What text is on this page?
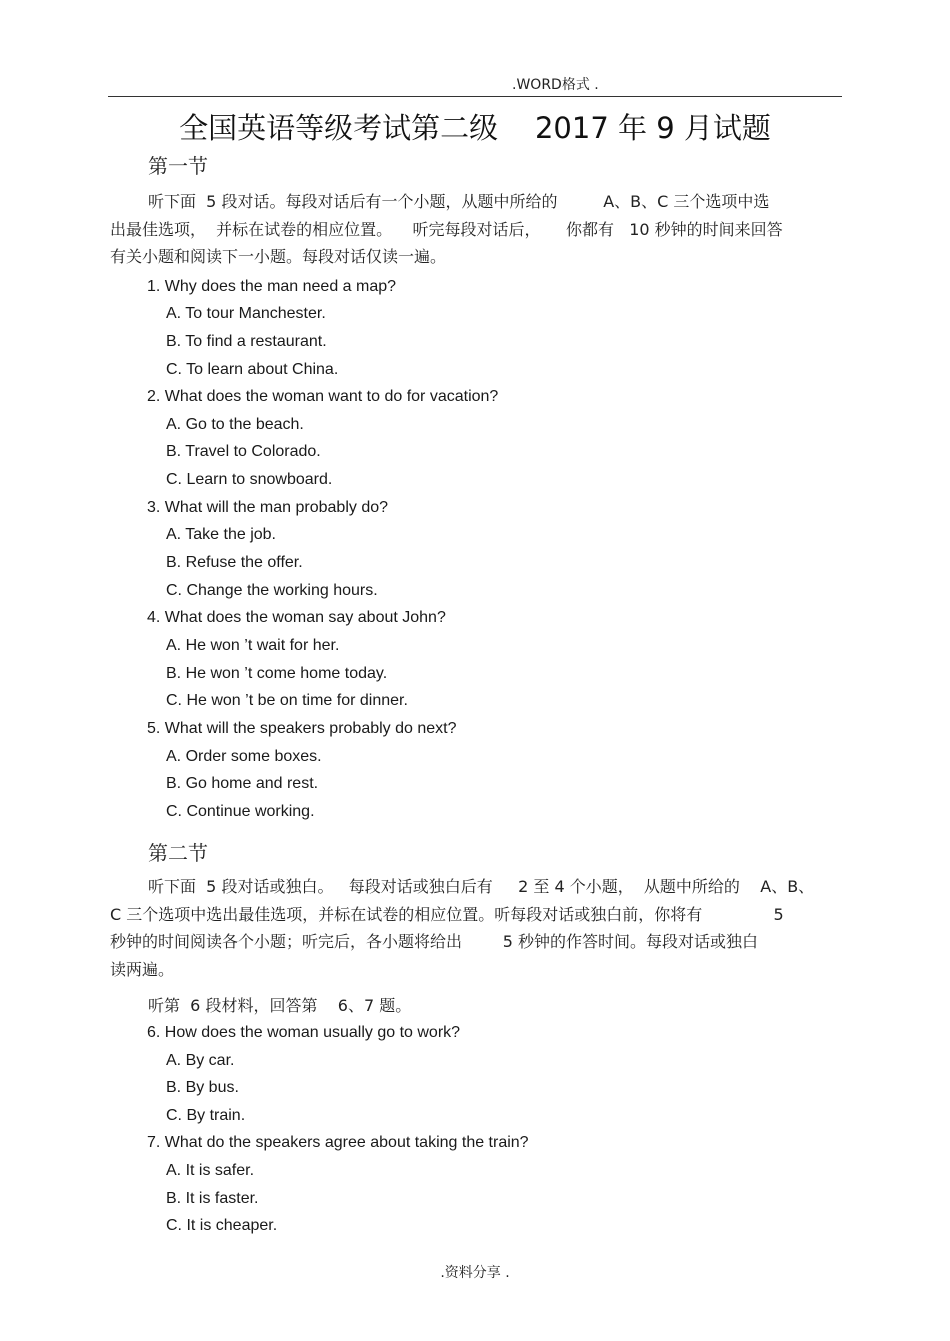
.WORD格式 .
全国英语等级考试第二级    2017 年 9 月试题
第一节
听下面  5 段对话。每段对话后有一个小题，从题中所给的         A、B、C 三个选项中选
出最佳选项，  并标在试卷的相应位置。    听完每段对话后，     你都有   10 秒钟的时间来回答
有关小题和阅读下一小题。每段对话仅读一遍。
1. Why does the man need a map?
A. To tour Manchester.
B. To find a restaurant.
C. To learn about China.
2. What does the woman want to do for vacation?
A. Go to the beach.
B. Travel to Colorado.
C. Learn to snowboard.
3. What will the man probably do?
A. Take the job.
B. Refuse the offer.
C. Change the working hours.
4. What does the woman say about John?
A. He won ’t wait for her.
B. He won ’t come home today.
C. He won ’t be on time for dinner.
5. What will the speakers probably do next?
A. Order some boxes.
B. Go home and rest.
C. Continue working.
第二节
听下面  5 段对话或独白。   每段对话或独白后有     2 至 4 个小题，  从题中所给的    A、B、
C 三个选项中选出最佳选项，并标在试卷的相应位置。听每段对话或独白前，你将有              5
秒钟的时间阅读各个小题；听完后，各小题将给出        5 秒钟的作答时间。每段对话或独白
读两遍。
听第  6 段材料，回答第    6、7 题。
6. How does the woman usually go to work?
A. By car.
B. By bus.
C. By train.
7. What do the speakers agree about taking the train?
A. It is safer.
B. It is faster.
C. It is cheaper.
.资料分享 .
